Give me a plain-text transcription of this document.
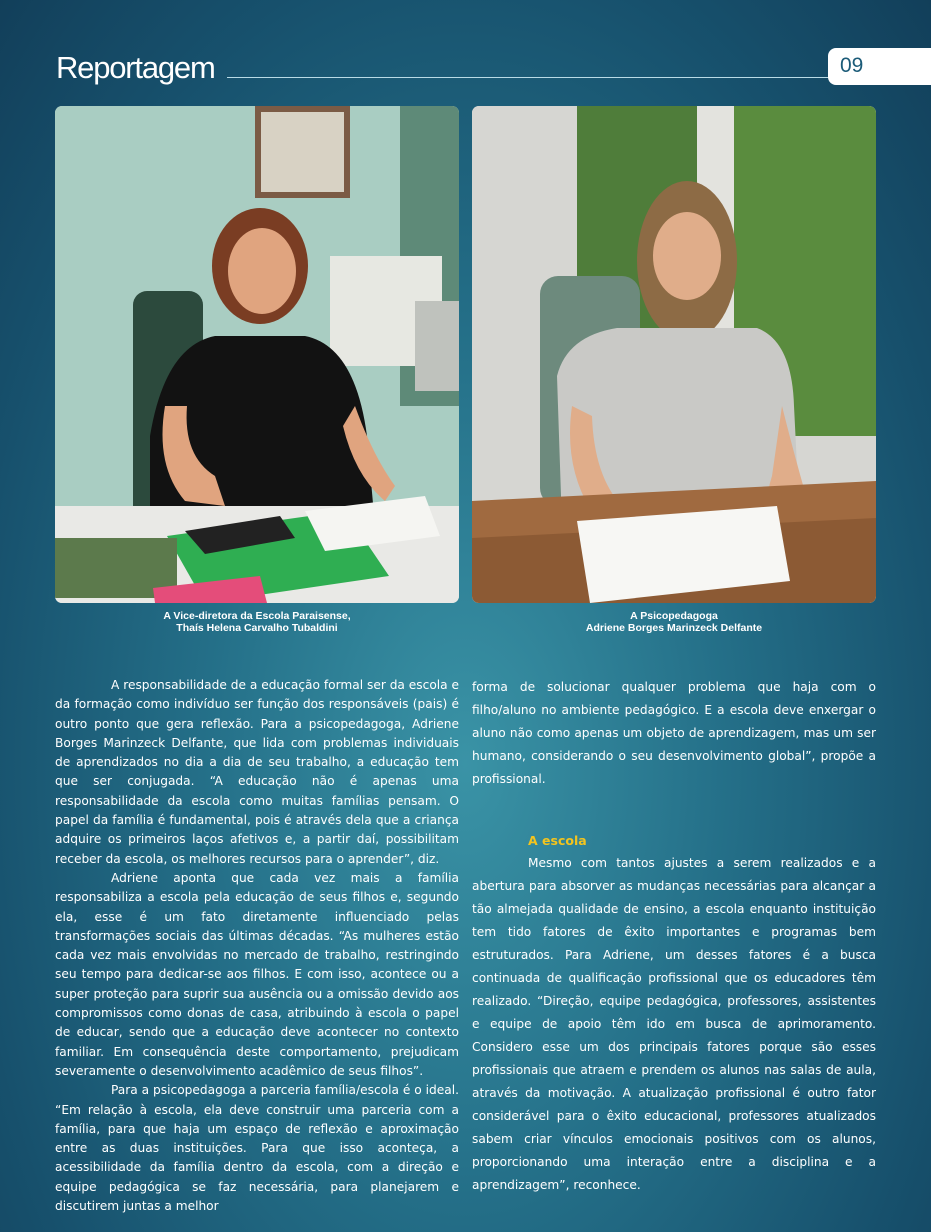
Reportagem	09
A Vice-diretora da Escola Paraisense,
Thaís Helena Carvalho Tubaldini
A Psicopedagoga
Adriene Borges Marinzeck Delfante

A responsabilidade de a educação formal ser da escola e da formação como indivíduo ser função dos responsáveis (pais) é outro ponto que gera reflexão. Para a psicopedagoga, Adriene Borges Marinzeck Delfante, que lida com problemas individuais de aprendizados no dia a dia de seu trabalho, a educação tem que ser conjugada. “A educação não é apenas uma responsabilidade da escola como muitas famílias pensam. O papel da família é fundamental, pois é através dela que a criança adquire os primeiros laços afetivos e, a partir daí, possibilitam receber da escola, os melhores recursos para o aprender”, diz.

Adriene aponta que cada vez mais a família responsabiliza a escola pela educação de seus filhos e, segundo ela, esse é um fato diretamente influenciado pelas transformações sociais das últimas décadas. “As mulheres estão cada vez mais envolvidas no mercado de trabalho, restringindo seu tempo para dedicar-se aos filhos. E com isso, acontece ou a super proteção para suprir sua ausência ou a omissão devido aos compromissos como donas de casa, atribuindo à escola o papel de educar, sendo que a educação deve acontecer no contexto familiar. Em consequência deste comportamento, prejudicam severamente o desenvolvimento acadêmico de seus filhos”.

Para a psicopedagoga a parceria família/escola é o ideal. “Em relação à escola, ela deve construir uma parceria com a família, para que haja um espaço de reflexão e aproximação entre as duas instituições. Para que isso aconteça, a acessibilidade da família dentro da escola, com a direção e equipe pedagógica se faz necessária, para planejarem e discutirem juntas a melhor

forma de solucionar qualquer problema que haja com o filho/aluno no ambiente pedagógico. E a escola deve enxergar o aluno não como apenas um objeto de aprendizagem, mas um ser humano, considerando o seu desenvolvimento global”, propõe a profissional.

A escola

Mesmo com tantos ajustes a serem realizados e a abertura para absorver as mudanças necessárias para alcançar a tão almejada qualidade de ensino, a escola enquanto instituição tem tido fatores de êxito importantes e programas bem estruturados. Para Adriene, um desses fatores é a busca continuada de qualificação profissional que os educadores têm realizado. “Direção, equipe pedagógica, professores, assistentes e equipe de apoio têm ido em busca de aprimoramento. Considero esse um dos principais fatores porque são esses profissionais que atraem e prendem os alunos nas salas de aula, através da motivação. A atualização profissional é outro fator considerável para o êxito educacional, professores atualizados sabem criar vínculos emocionais positivos com os alunos, proporcionando uma interação entre a disciplina e a aprendizagem”, reconhece.
